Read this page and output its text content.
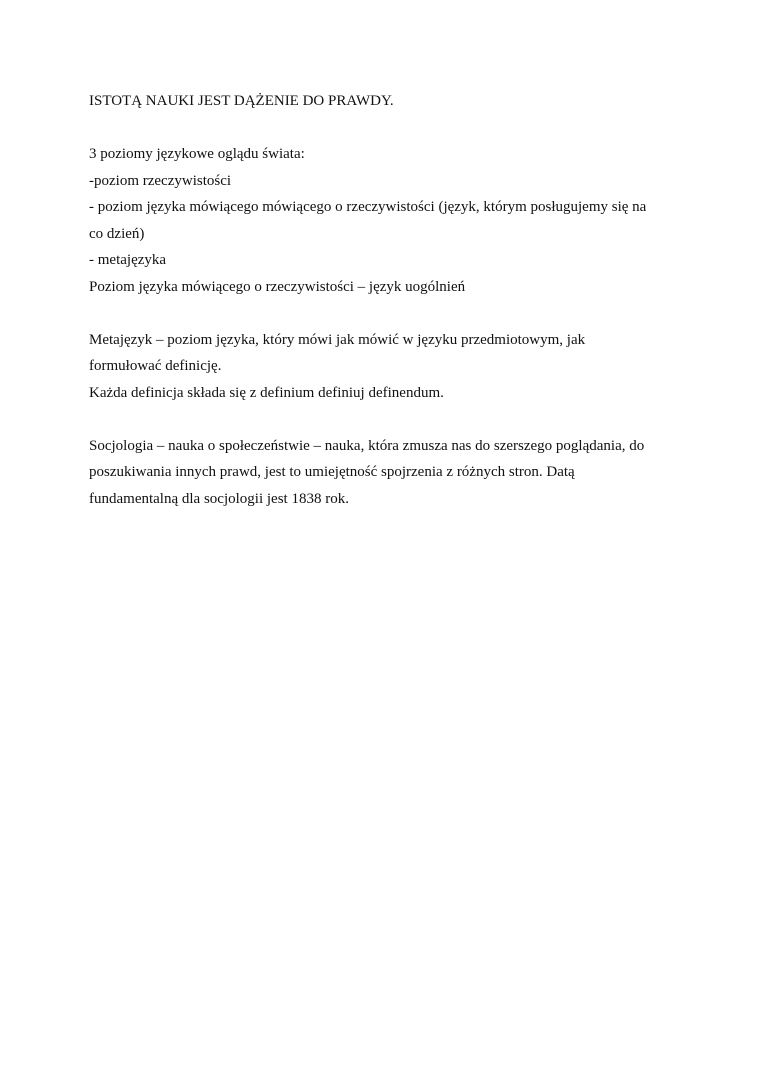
ISTOTĄ NAUKI JEST DĄŻENIE DO PRAWDY.
3 poziomy językowe oglądu świata:
-poziom rzeczywistości
- poziom języka mówiącego mówiącego o rzeczywistości (język, którym posługujemy się na
co dzień)
- metajęzyka
Poziom języka mówiącego o rzeczywistości – język uogólnień
Metajęzyk – poziom języka, który mówi jak mówić w języku przedmiotowym, jak
formułować definicję.
Każda definicja składa się z definium definiuj definendum.
Socjologia – nauka o społeczeństwie – nauka, która zmusza nas do szerszego poglądania, do
poszukiwania innych prawd, jest to umiejętność spojrzenia z różnych stron. Datą
fundamentalną dla socjologii jest 1838 rok.
